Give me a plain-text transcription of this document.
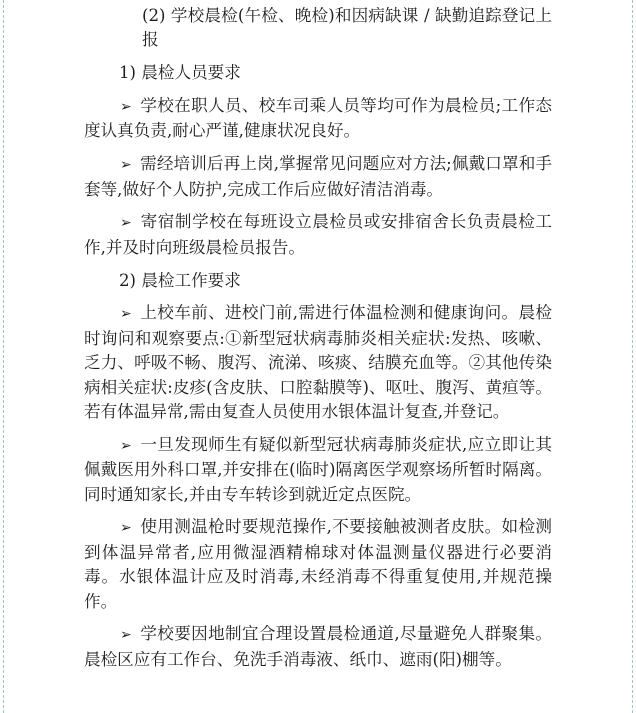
(2) 学校晨检(午检、晚检)和因病缺课 / 缺勤追踪登记上报

1) 晨检人员要求

➢ 学校在职人员、校车司乘人员等均可作为晨检员;工作态度认真负责,耐心严谨,健康状况良好。

➢ 需经培训后再上岗,掌握常见问题应对方法;佩戴口罩和手套等,做好个人防护,完成工作后应做好清洁消毒。

➢ 寄宿制学校在每班设立晨检员或安排宿舍长负责晨检工作,并及时向班级晨检员报告。

2) 晨检工作要求

➢ 上校车前、进校门前,需进行体温检测和健康询问。晨检时询问和观察要点:①新型冠状病毒肺炎相关症状:发热、咳嗽、乏力、呼吸不畅、腹泻、流涕、咳痰、结膜充血等。②其他传染病相关症状:皮疹(含皮肤、口腔黏膜等)、呕吐、腹泻、黄疸等。若有体温异常,需由复查人员使用水银体温计复查,并登记。

➢ 一旦发现师生有疑似新型冠状病毒肺炎症状,应立即让其佩戴医用外科口罩,并安排在(临时)隔离医学观察场所暂时隔离。同时通知家长,并由专车转诊到就近定点医院。

➢ 使用测温枪时要规范操作,不要接触被测者皮肤。如检测到体温异常者,应用微湿酒精棉球对体温测量仪器进行必要消毒。水银体温计应及时消毒,未经消毒不得重复使用,并规范操作。

➢ 学校要因地制宜合理设置晨检通道,尽量避免人群聚集。晨检区应有工作台、免洗手消毒液、纸巾、遮雨(阳)棚等。
